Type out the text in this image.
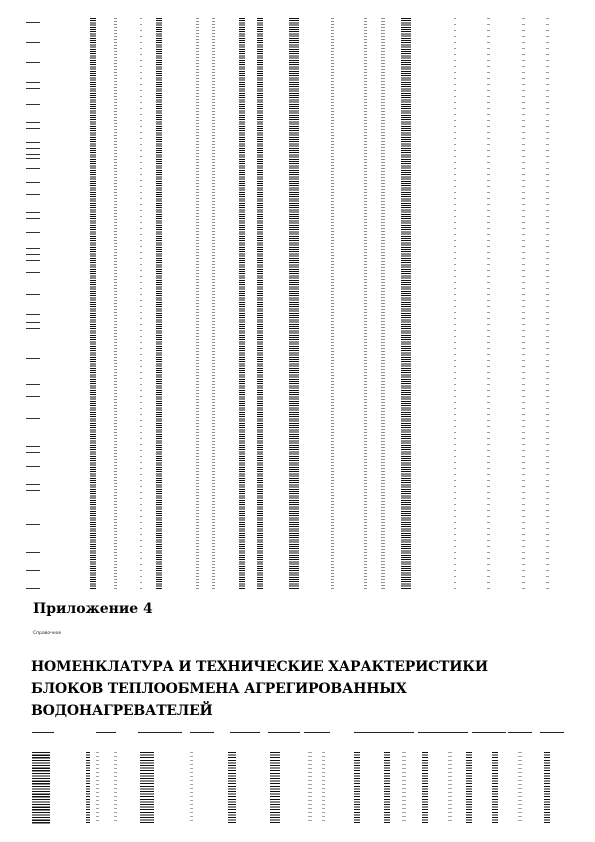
Приложение 4
Справочное
НОМЕНКЛАТУРА И ТЕХНИЧЕСКИЕ ХАРАКТЕРИСТИКИ
БЛОКОВ ТЕПЛООБМЕНА АГРЕГИРОВАННЫХ
ВОДОНАГРЕВАТЕЛЕЙ
